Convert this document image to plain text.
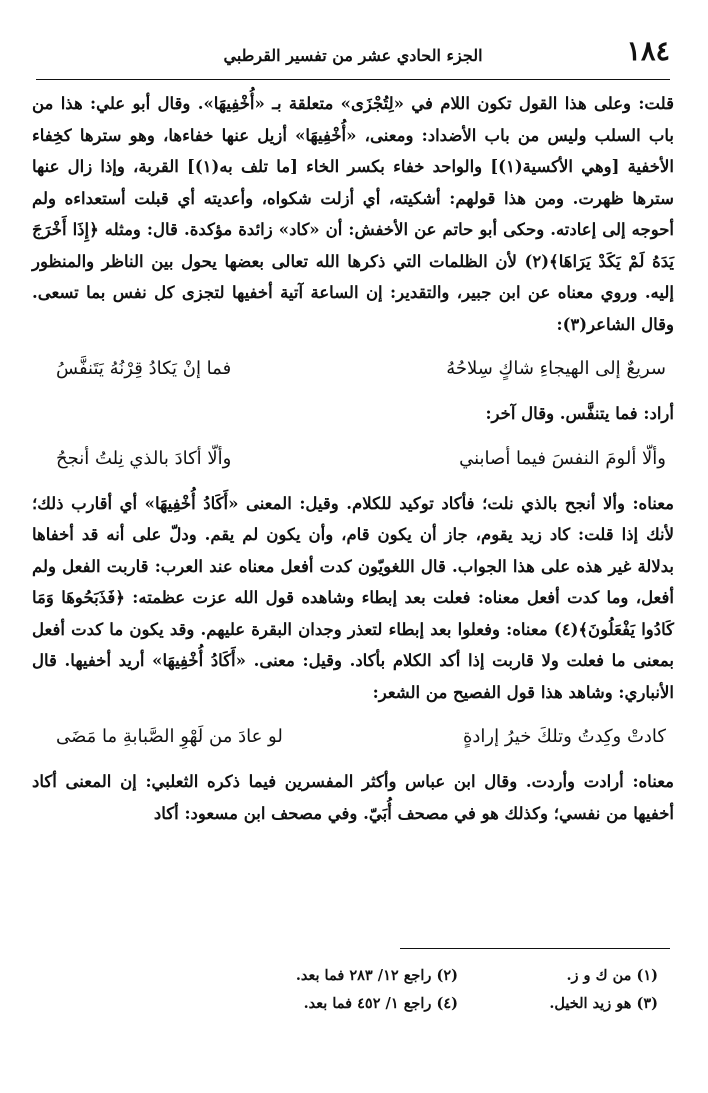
١٨٤
الجزء الحادي عشر من تفسير القرطبي

قلت: وعلى هذا القول تكون اللام في «لِتُجْزَى» متعلقة بـ «أُخْفِيهَا». وقال أبو علي: هذا من باب السلب وليس من باب الأضداد: ومعنى، «أُخْفِيهَا» أزيل عنها خفاءها، وهو سترها كخِفاء الأخفية [وهي الأكسية(١)] والواحد خفاء بكسر الخاء [ما تلف به(١)] القربة، وإذا زال عنها سترها ظهرت. ومن هذا قولهم: أشكيته، أي أزلت شكواه، وأعديته أي قبلت أستعداءه ولم أحوجه إلى إعادته. وحكى أبو حاتم عن الأخفش: أن «كاد» زائدة مؤكدة. قال: ومثله ﴿إِذَا أَخْرَجَ يَدَهُ لَمْ يَكَدْ يَرَاهَا﴾(٢) لأن الظلمات التي ذكرها الله تعالى بعضها يحول بين الناظر والمنظور إليه. وروي معناه عن ابن جبير، والتقدير: إن الساعة آتية أخفيها لتجزى كل نفس بما تسعى. وقال الشاعر(٣):

سريعٌ إلى الهيجاءِ شاكٍ سِلاحُهُ
فما إنْ يَكادُ قِرْنُهُ يَتَنفَّسُ

أراد: فما يتنفَّس. وقال آخر:

وألّا ألومَ النفسَ فيما أصابني
وألّا أكادَ بالذي نِلتُ أنجحُ

معناه: وألا أنجح بالذي نلت؛ فأكاد توكيد للكلام. وقيل: المعنى «أَكَادُ أُخْفِيهَا» أي أقارب ذلك؛ لأنك إذا قلت: كاد زيد يقوم، جاز أن يكون قام، وأن يكون لم يقم. ودلّ على أنه قد أخفاها بدلالة غير هذه على هذا الجواب. قال اللغويّون كدت أفعل معناه عند العرب: قاربت الفعل ولم أفعل، وما كدت أفعل معناه: فعلت بعد إبطاء وشاهده قول الله عزت عظمته: ﴿فَذَبَحُوهَا وَمَا كَادُوا يَفْعَلُونَ﴾(٤) معناه: وفعلوا بعد إبطاء لتعذر وجدان البقرة عليهم. وقد يكون ما كدت أفعل بمعنى ما فعلت ولا قاربت إذا أكد الكلام بأكاد. وقيل: معنى. «أَكَادُ أُخْفِيهَا» أريد أخفيها. قال الأنباري: وشاهد هذا قول الفصيح من الشعر:

كادتْ وكِدتُ وتلكَ خيرُ إرادةٍ
لو عادَ من لَهْوِ الصَّبابةِ ما مَضَى

معناه: أرادت وأردت. وقال ابن عباس وأكثر المفسرين فيما ذكره الثعلبي: إن المعنى أكاد أخفيها من نفسي؛ وكذلك هو في مصحف أُبَيّ. وفي مصحف ابن مسعود: أكاد

(١) من ك و ز.
(٢) راجع ١٢/ ٢٨٣ فما بعد.
(٣) هو زيد الخيل.
(٤) راجع ١/ ٤٥٢ فما بعد.
